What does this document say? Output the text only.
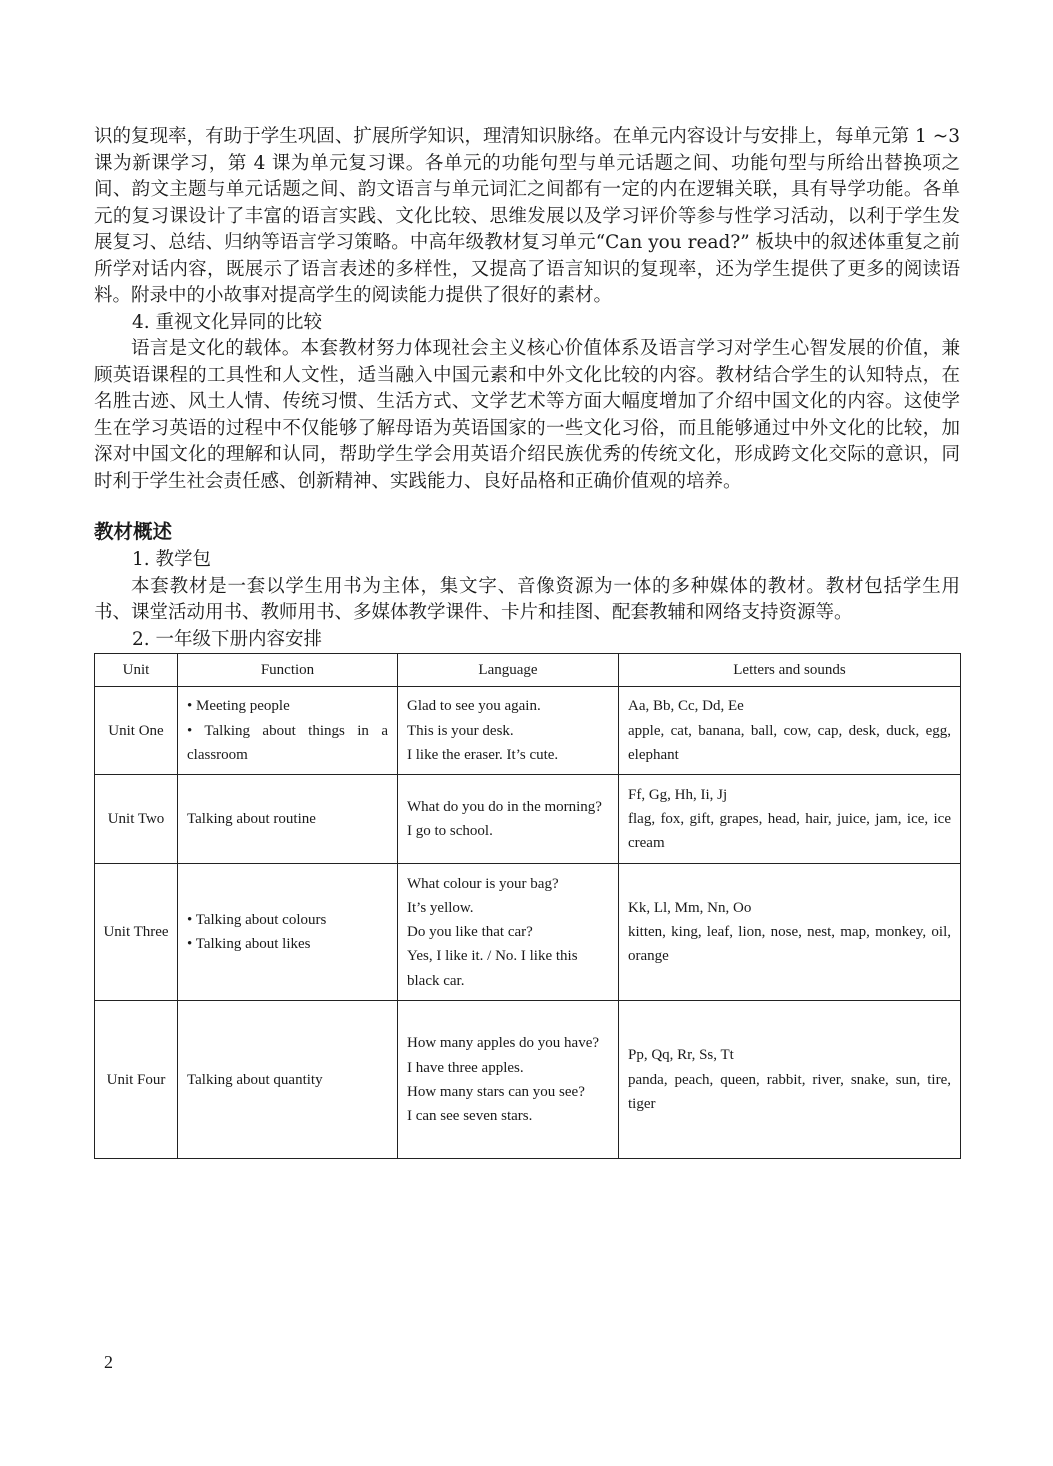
识的复现率，有助于学生巩固、扩展所学知识，理清知识脉络。在单元内容设计与安排上，每单元第 1 ~3 课为新课学习，第 4 课为单元复习课。各单元的功能句型与单元话题之间、功能句型与所给出替换项之间、韵文主题与单元话题之间、韵文语言与单元词汇之间都有一定的内在逻辑关联，具有导学功能。各单元的复习课设计了丰富的语言实践、文化比较、思维发展以及学习评价等参与性学习活动，以利于学生发展复习、总结、归纳等语言学习策略。中高年级教材复习单元“Can you read?” 板块中的叙述体重复之前所学对话内容，既展示了语言表述的多样性，又提高了语言知识的复现率，还为学生提供了更多的阅读语料。附录中的小故事对提高学生的阅读能力提供了很好的素材。

4. 重视文化异同的比较

语言是文化的载体。本套教材努力体现社会主义核心价值体系及语言学习对学生心智发展的价值，兼顾英语课程的工具性和人文性，适当融入中国元素和中外文化比较的内容。教材结合学生的认知特点，在名胜古迹、风土人情、传统习惯、生活方式、文学艺术等方面大幅度增加了介绍中国文化的内容。这使学生在学习英语的过程中不仅能够了解母语为英语国家的一些文化习俗，而且能够通过中外文化的比较，加深对中国文化的理解和认同，帮助学生学会用英语介绍民族优秀的传统文化，形成跨文化交际的意识，同时利于学生社会责任感、创新精神、实践能力、良好品格和正确价值观的培养。

教材概述

1. 教学包

本套教材是一套以学生用书为主体，集文字、音像资源为一体的多种媒体的教材。教材包括学生用书、课堂活动用书、教师用书、多媒体教学课件、卡片和挂图、配套教辅和网络支持资源等。

2. 一年级下册内容安排

Unit	Function	Language	Letters and sounds
Unit One	• Meeting people
• Talking about things in a classroom	Glad to see you again.
This is your desk.
I like the eraser. It’s cute.	Aa, Bb, Cc, Dd, Ee
apple, cat, banana, ball, cow, cap, desk, duck, egg, elephant

Unit Two	Talking about routine	What do you do in the morning?
I go to school.	Ff, Gg, Hh, Ii, Jj
flag, fox, gift, grapes, head, hair, juice, jam, ice, ice cream

Unit Three	• Talking about colours
• Talking about likes	What colour is your bag?
It’s yellow.
Do you like that car?
Yes, I like it. / No. I like this black car.	Kk, Ll, Mm, Nn, Oo
kitten, king, leaf, lion, nose, nest, map, monkey, oil, orange

Unit Four	Talking about quantity	How many apples do you have?
I have three apples.
How many stars can you see?
I can see seven stars.	Pp, Qq, Rr, Ss, Tt
panda, peach, queen, rabbit, river, snake, sun, tire, tiger
2
